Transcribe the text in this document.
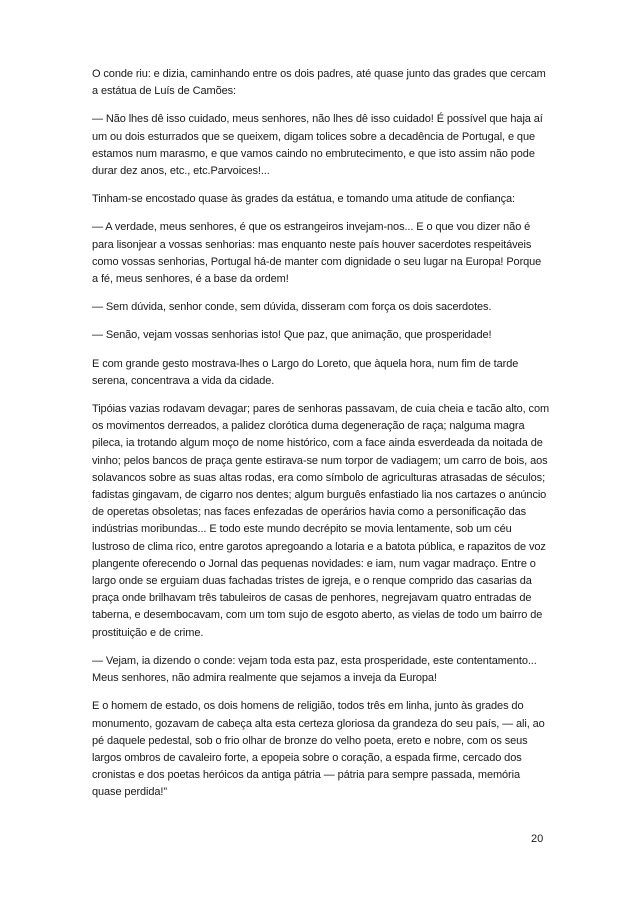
O conde riu: e dizia, caminhando entre os dois padres, até quase junto das grades que cercam a estátua de Luís de Camões:

— Não lhes dê isso cuidado, meus senhores, não lhes dê isso cuidado! É possível que haja aí um ou dois esturrados que se queixem, digam tolices sobre a decadência de Portugal, e que estamos num marasmo, e que vamos caindo no embrutecimento, e que isto assim não pode durar dez anos, etc., etc.Parvoices!...

Tinham-se encostado quase às grades da estátua, e tomando uma atitude de confiança:

— A verdade, meus senhores, é que os estrangeiros invejam-nos... E o que vou dizer não é para lisonjear a vossas senhorias: mas enquanto neste país houver sacerdotes respeitáveis como vossas senhorias, Portugal há-de manter com dignidade o seu lugar na Europa! Porque a fé, meus senhores, é a base da ordem!

— Sem dúvida, senhor conde, sem dúvida, disseram com força os dois sacerdotes.

— Senão, vejam vossas senhorias isto! Que paz, que animação, que prosperidade!

E com grande gesto mostrava-lhes o Largo do Loreto, que àquela hora, num fim de tarde serena, concentrava a vida da cidade.

Tipóias vazias rodavam devagar; pares de senhoras passavam, de cuia cheia e tacão alto, com os movimentos derreados, a palidez clorótica duma degeneração de raça; nalguma magra pileca, ia trotando algum moço de nome histórico, com a face ainda esverdeada da noitada de vinho; pelos bancos de praça gente estirava-se num torpor de vadiagem; um carro de bois, aos solavancos sobre as suas altas rodas, era como símbolo de agriculturas atrasadas de séculos; fadistas gingavam, de cigarro nos dentes; algum burguês enfastiado lia nos cartazes o anúncio de operetas obsoletas; nas faces enfezadas de operários havia como a personificação das indústrias moribundas... E todo este mundo decrépito se movia lentamente, sob um céu lustroso de clima rico, entre garotos apregoando a lotaria e a batota pública, e rapazitos de voz plangente oferecendo o Jornal das pequenas novidades: e iam, num vagar madraço. Entre o largo onde se erguiam duas fachadas tristes de igreja, e o renque comprido das casarias da praça onde brilhavam três tabuleiros de casas de penhores, negrejavam quatro entradas de taberna, e desembocavam, com um tom sujo de esgoto aberto, as vielas de todo um bairro de prostituição e de crime.

— Vejam, ia dizendo o conde: vejam toda esta paz, esta prosperidade, este contentamento... Meus senhores, não admira realmente que sejamos a inveja da Europa!

E o homem de estado, os dois homens de religião, todos três em linha, junto às grades do monumento, gozavam de cabeça alta esta certeza gloriosa da grandeza do seu país, — ali, ao pé daquele pedestal, sob o frio olhar de bronze do velho poeta, ereto e nobre, com os seus largos ombros de cavaleiro forte, a epopeia sobre o coração, a espada firme, cercado dos cronistas e dos poetas heróicos da antiga pátria — pátria para sempre passada, memória quase perdida!”

20
